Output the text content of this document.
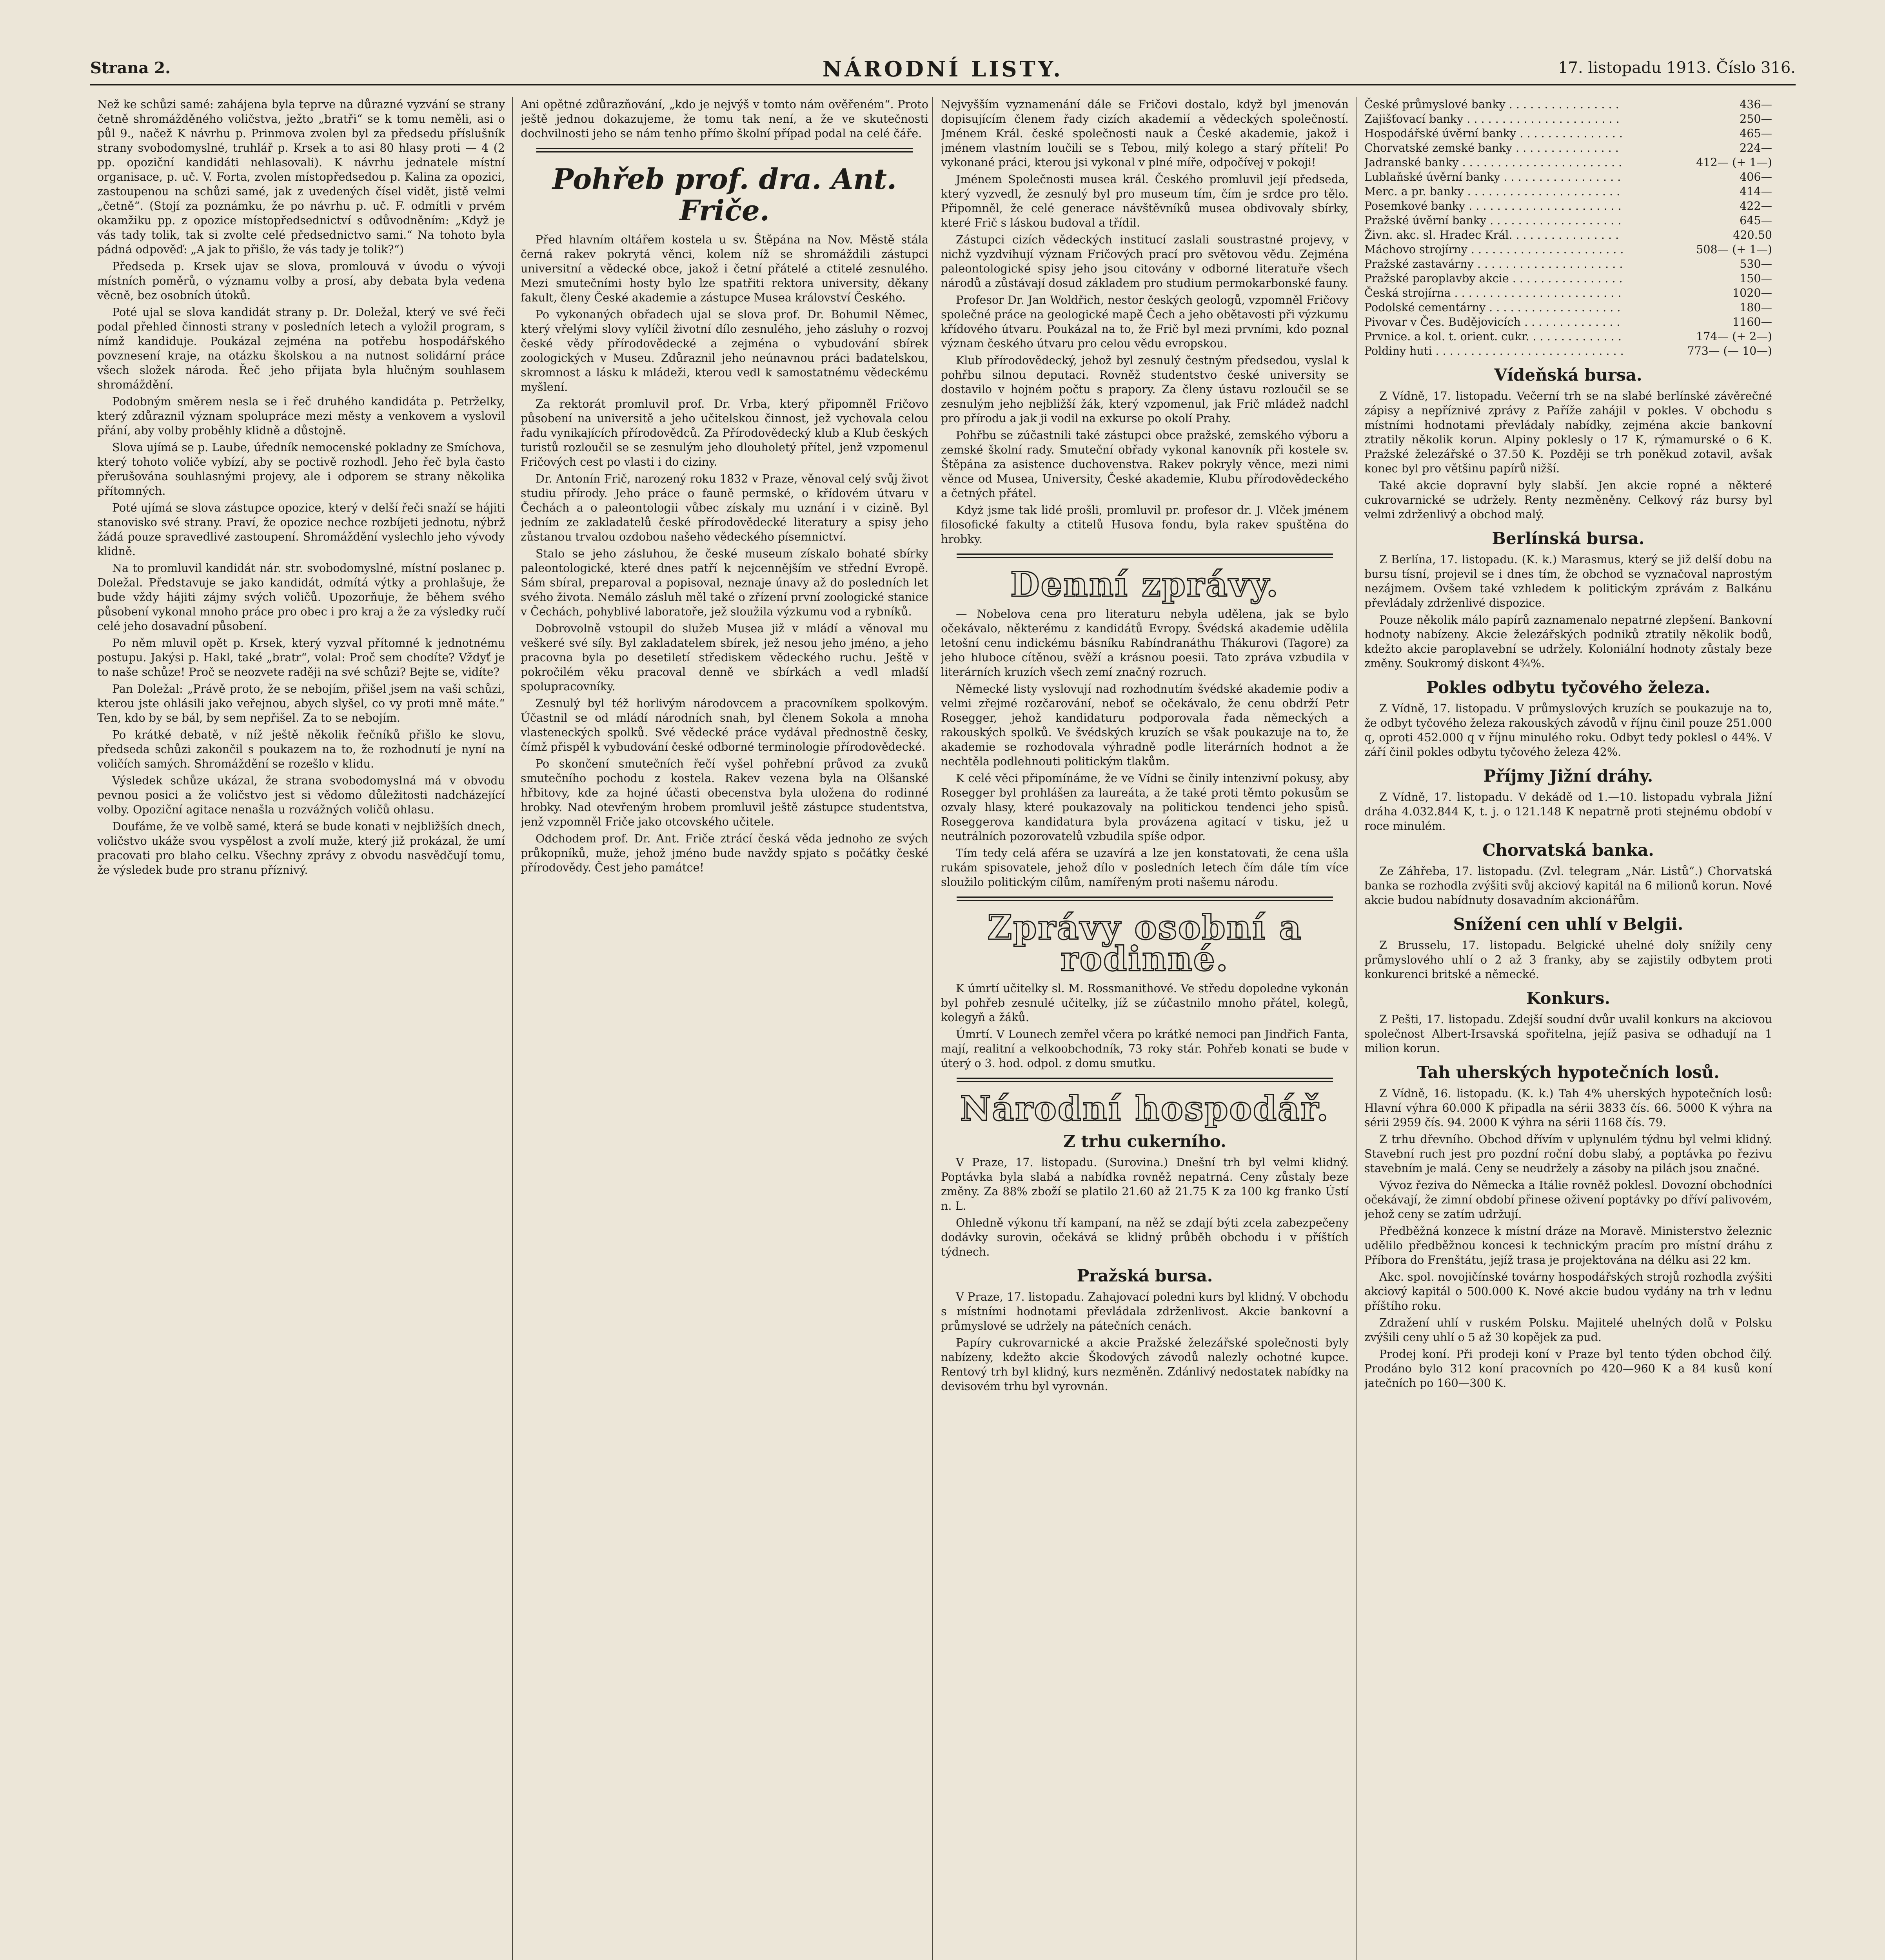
Strana 2.	NÁRODNÍ LISTY.	17. listopadu 1913. Číslo 316.

Než ke schůzi samé: zahájena byla teprve na důrazné vyzvání se strany četně shromážděného voličstva, ježto „bratři“ se k tomu neměli, asi o půl 9., načež K návrhu p. Prinmova zvolen byl za předsedu příslušník strany svobodomyslné, truhlář p. Krsek a to asi 80 hlasy proti — 4 (2 pp. opoziční kandidáti nehlasovali). K návrhu jednatele místní organisace, p. uč. V. Forta, zvolen místopředsedou p. Kalina za opozici, zastoupenou na schůzi samé, jak z uvedených čísel vidět, jistě velmi „četně“. (Stojí za poznámku, že po návrhu p. uč. F. odmítli v prvém okamžiku pp. z opozice místopředsednictví s odůvodněním: „Když je vás tady tolik, tak si zvolte celé předsednictvo sami.“ Na tohoto byla pádná odpověď: „A jak to přišlo, že vás tady je tolik?“)

Předseda p. Krsek ujav se slova, promlouvá v úvodu o vývoji místních poměrů, o významu volby a prosí, aby debata byla vedena věcně, bez osobních útoků.

Poté ujal se slova kandidát strany p. Dr. Doležal, který ve své řeči podal přehled činnosti strany v posledních letech a vyložil program, s nímž kandiduje. Poukázal zejména na potřebu hospodářského povznesení kraje, na otázku školskou a na nutnost solidární práce všech složek národa. Řeč jeho přijata byla hlučným souhlasem shromáždění.

Podobným směrem nesla se i řeč druhého kandidáta p. Petrželky, který zdůraznil význam spolupráce mezi městy a venkovem a vyslovil přání, aby volby proběhly klidně a důstojně.

Slova ujímá se p. Laube, úředník nemocenské pokladny ze Smíchova, který tohoto voliče vybízí, aby se poctivě rozhodl. Jeho řeč byla často přerušována souhlasnými projevy, ale i odporem se strany několika přítomných.

Poté ujímá se slova zástupce opozice, který v delší řeči snaží se hájiti stanovisko své strany. Praví, že opozice nechce rozbíjeti jednotu, nýbrž žádá pouze spravedlivé zastoupení. Shromáždění vyslechlo jeho vývody klidně.

Na to promluvil kandidát nár. str. svobodomyslné, místní poslanec p. Doležal. Představuje se jako kandidát, odmítá výtky a prohlašuje, že bude vždy hájiti zájmy svých voličů. Upozorňuje, že během svého působení vykonal mnoho práce pro obec i pro kraj a že za výsledky ručí celé jeho dosavadní působení.

Po něm mluvil opět p. Krsek, který vyzval přítomné k jednotnému postupu. Jakýsi p. Hakl, také „bratr“, volal: Proč sem chodíte? Vždyť je to naše schůze! Proč se neozvete raději na své schůzi? Bejte se, vidíte?

Pan Doležal: „Právě proto, že se nebojím, přišel jsem na vaši schůzi, kterou jste ohlásili jako veřejnou, abych slyšel, co vy proti mně máte.“ Ten, kdo by se bál, by sem nepřišel. Za to se nebojím.

Po krátké debatě, v níž ještě několik řečníků přišlo ke slovu, předseda schůzi zakončil s poukazem na to, že rozhodnutí je nyní na voličích samých. Shromáždění se rozešlo v klidu.

Výsledek schůze ukázal, že strana svobodomyslná má v obvodu pevnou posici a že voličstvo jest si vědomo důležitosti nadcházející volby. Opoziční agitace nenašla u rozvážných voličů ohlasu.

Doufáme, že ve volbě samé, která se bude konati v nejbližších dnech, voličstvo ukáže svou vyspělost a zvolí muže, který již prokázal, že umí pracovati pro blaho celku. Všechny zprávy z obvodu nasvědčují tomu, že výsledek bude pro stranu příznivý.

Ani opětné zdůrazňování, „kdo je nejvýš v tomto nám ověřeném“. Proto ještě jednou dokazujeme, že tomu tak není, a že ve skutečnosti dochvilnosti jeho se nám tenho přímo školní případ podal na celé čáře.

Pohřeb prof. dra. Ant. Friče.

Před hlavním oltářem kostela u sv. Štěpána na Nov. Městě stála černá rakev pokrytá věnci, kolem níž se shromáždili zástupci universitní a vědecké obce, jakož i četní přátelé a ctitelé zesnulého. Mezi smutečními hosty bylo lze spatřiti rektora university, děkany fakult, členy České akademie a zástupce Musea království Českého.

Po vykonaných obřadech ujal se slova prof. Dr. Bohumil Němec, který vřelými slovy vylíčil životní dílo zesnulého, jeho zásluhy o rozvoj české vědy přírodovědecké a zejména o vybudování sbírek zoologických v Museu. Zdůraznil jeho neúnavnou práci badatelskou, skromnost a lásku k mládeži, kterou vedl k samostatnému vědeckému myšlení.

Za rektorát promluvil prof. Dr. Vrba, který připomněl Fričovo působení na universitě a jeho učitelskou činnost, jež vychovala celou řadu vynikajících přírodovědců. Za Přírodovědecký klub a Klub českých turistů rozloučil se se zesnulým jeho dlouholetý přítel, jenž vzpomenul Fričových cest po vlasti i do ciziny.

Dr. Antonín Frič, narozený roku 1832 v Praze, věnoval celý svůj život studiu přírody. Jeho práce o fauně permské, o křídovém útvaru v Čechách a o paleontologii vůbec získaly mu uznání i v cizině. Byl jedním ze zakladatelů české přírodovědecké literatury a spisy jeho zůstanou trvalou ozdobou našeho vědeckého písemnictví.

Stalo se jeho zásluhou, že české museum získalo bohaté sbírky paleontologické, které dnes patří k nejcennějším ve střední Evropě. Sám sbíral, preparoval a popisoval, neznaje únavy až do posledních let svého života. Nemálo zásluh měl také o zřízení první zoologické stanice v Čechách, pohyblivé laboratoře, jež sloužila výzkumu vod a rybníků.

Dobrovolně vstoupil do služeb Musea již v mládí a věnoval mu veškeré své síly. Byl zakladatelem sbírek, jež nesou jeho jméno, a jeho pracovna byla po desetiletí střediskem vědeckého ruchu. Ještě v pokročilém věku pracoval denně ve sbírkách a vedl mladší spolupracovníky.

Zesnulý byl též horlivým národovcem a pracovníkem spolkovým. Účastnil se od mládí národních snah, byl členem Sokola a mnoha vlasteneckých spolků. Své vědecké práce vydával přednostně česky, čímž přispěl k vybudování české odborné terminologie přírodovědecké.

Po skončení smutečních řečí vyšel pohřební průvod za zvuků smutečního pochodu z kostela. Rakev vezena byla na Olšanské hřbitovy, kde za hojné účasti obecenstva byla uložena do rodinné hrobky. Nad otevřeným hrobem promluvil ještě zástupce studentstva, jenž vzpomněl Friče jako otcovského učitele.

Odchodem prof. Dr. Ant. Friče ztrácí česká věda jednoho ze svých průkopníků, muže, jehož jméno bude navždy spjato s počátky české přírodovědy. Čest jeho památce!

Nejvyšším vyznamenání dále se Fričovi dostalo, když byl jmenován dopisujícím členem řady cizích akademií a vědeckých společností. Jménem Král. české společnosti nauk a České akademie, jakož i jménem vlastním loučili se s Tebou, milý kolego a starý příteli! Po vykonané práci, kterou jsi vykonal v plné míře, odpočívej v pokoji!

Jménem Společnosti musea král. Českého promluvil její předseda, který vyzvedl, že zesnulý byl pro museum tím, čím je srdce pro tělo. Připomněl, že celé generace návštěvníků musea obdivovaly sbírky, které Frič s láskou budoval a třídil.

Zástupci cizích vědeckých institucí zaslali soustrastné projevy, v nichž vyzdvihují význam Fričových prací pro světovou vědu. Zejména paleontologické spisy jeho jsou citovány v odborné literatuře všech národů a zůstávají dosud základem pro studium permokarbonské fauny.

Profesor Dr. Jan Woldřich, nestor českých geologů, vzpomněl Fričovy společné práce na geologické mapě Čech a jeho obětavosti při výzkumu křídového útvaru. Poukázal na to, že Frič byl mezi prvními, kdo poznal význam českého útvaru pro celou vědu evropskou.

Klub přírodovědecký, jehož byl zesnulý čestným předsedou, vyslal k pohřbu silnou deputaci. Rovněž studentstvo české university se dostavilo v hojném počtu s prapory. Za členy ústavu rozloučil se se zesnulým jeho nejbližší žák, který vzpomenul, jak Frič mládež nadchl pro přírodu a jak ji vodil na exkurse po okolí Prahy.

Pohřbu se zúčastnili také zástupci obce pražské, zemského výboru a zemské školní rady. Smuteční obřady vykonal kanovník při kostele sv. Štěpána za asistence duchovenstva. Rakev pokryly věnce, mezi nimi věnce od Musea, University, České akademie, Klubu přírodovědeckého a četných přátel.

Kdyż jsme tak lidé prošli, promluvil pr. profesor dr. J. Vlček jménem filosofické fakulty a ctitelů Husova fondu, byla rakev spuštěna do hrobky.

Denní zprávy.

— Nobelova cena pro literaturu nebyla udělena, jak se bylo očekávalo, některému z kandidátů Evropy. Švédská akademie udělila letošní cenu indickému básníku Rabíndranáthu Thákurovi (Tagore) za jeho hluboce cítěnou, svěží a krásnou poesii. Tato zpráva vzbudila v literárních kruzích všech zemí značný rozruch.

Německé listy vyslovují nad rozhodnutím švédské akademie podiv a velmi zřejmé rozčarování, neboť se očekávalo, že cenu obdrží Petr Rosegger, jehož kandidaturu podporovala řada německých a rakouských spolků. Ve švédských kruzích se však poukazuje na to, že akademie se rozhodovala výhradně podle literárních hodnot a že nechtěla podlehnouti politickým tlakům.

K celé věci připomínáme, že ve Vídni se činily intenzivní pokusy, aby Rosegger byl prohlášen za laureáta, a že také proti těmto pokusům se ozvaly hlasy, které poukazovaly na politickou tendenci jeho spisů. Roseggerova kandidatura byla provázena agitací v tisku, jež u neutrálních pozorovatelů vzbudila spíše odpor.

Tím tedy celá aféra se uzavírá a lze jen konstatovati, že cena ušla rukám spisovatele, jehož dílo v posledních letech čím dále tím více sloužilo politickým cílům, namířeným proti našemu národu.

Zprávy osobní a rodinné.

K úmrtí učitelky sl. M. Rossmanithové. Ve středu dopoledne vykonán byl pohřeb zesnulé učitelky, jíž se zúčastnilo mnoho přátel, kolegů, kolegyň a žáků.

Úmrtí. V Lounech zemřel včera po krátké nemoci pan Jindřich Fanta, mají, realitní a velkoobchodník, 73 roky stár. Pohřeb konati se bude v úterý o 3. hod. odpol. z domu smutku.

Národní hospodář.
Z trhu cukerního.

V Praze, 17. listopadu. (Surovina.) Dnešní trh byl velmi klidný. Poptávka byla slabá a nabídka rovněž nepatrná. Ceny zůstaly beze změny. Za 88% zboží se platilo 21.60 až 21.75 K za 100 kg franko Ústí n. L.

Ohledně výkonu tří kampaní, na něž se zdají býti zcela zabezpečeny dodávky surovin, očekává se klidný průběh obchodu i v příštích týdnech.

Pražská bursa.

V Praze, 17. listopadu. Zahajovací poledni kurs byl klidný. V obchodu s místními hodnotami převládala zdrženlivost. Akcie bankovní a průmyslové se udržely na pátečních cenách.

Papíry cukrovarnické a akcie Pražské železářské společnosti byly nabízeny, kdežto akcie Škodových závodů nalezly ochotné kupce. Rentový trh byl klidný, kurs nezměněn. Zdánlivý nedostatek nabídky na devisovém trhu byl vyrovnán.

České průmyslové banky . . .	436—
Zajišťovací banky . . .	250—
Hospodářské úvěrní banky . . .	465—
Chorvatské zemské banky . . .	224—
Jadranské banky . . .	412— (+ 1—)
Lublaňské úvěrní banky . . .	406—
Merc. a pr. banky . . .	414—
Posemkové banky . . .	422—
Pražské úvěrní banky . . .	645—
Živn. akc. sl. Hradec Král. . . .	420.50
Máchovo strojírny . . .	508— (+ 1—)
Pražské zastavárny . . .	530—
Pražské paroplavby akcie . . .	150—
Česká strojírna . . .	1020—
Podolské cementárny . . .	180—
Pivovar v Čes. Budějovicích . . .	1160—
Prvnice. a kol. t. orient. cukr. . . .	174— (+ 2—)
Poldiny huti . . .	773— (— 10—)
Vídeňská bursa.

Z Vídně, 17. listopadu. Večerní trh se na slabé berlínské závěrečné zápisy a nepříznivé zprávy z Paříže zahájil v pokles. V obchodu s místními hodnotami převládaly nabídky, zejména akcie bankovní ztratily několik korun. Alpiny poklesly o 17 K, rýmamurské o 6 K. Pražské železářské o 37.50 K. Později se trh poněkud zotavil, avšak konec byl pro většinu papírů nižší.

Také akcie dopravní byly slabší. Jen akcie ropné a některé cukrovarnické se udržely. Renty nezměněny. Celkový ráz bursy byl velmi zdrženlivý a obchod malý.

Berlínská bursa.

Z Berlína, 17. listopadu. (K. k.) Marasmus, který se již delší dobu na bursu tísní, projevil se i dnes tím, že obchod se vyznačoval naprostým nezájmem. Ovšem také vzhledem k politickým zprávám z Balkánu převládaly zdrženlivé dispozice.

Pouze několik málo papírů zaznamenalo nepatrné zlepšení. Bankovní hodnoty nabízeny. Akcie železářských podniků ztratily několik bodů, kdežto akcie paroplavební se udržely. Koloniální hodnoty zůstaly beze změny. Soukromý diskont 4¾%.

Pokles odbytu tyčového železa.

Z Vídně, 17. listopadu. V průmyslových kruzích se poukazuje na to, že odbyt tyčového železa rakouských závodů v říjnu činil pouze 251.000 q, oproti 452.000 q v říjnu minulého roku. Odbyt tedy poklesl o 44%. V září činil pokles odbytu tyčového železa 42%.

Příjmy Jižní dráhy.

Z Vídně, 17. listopadu. V dekádě od 1.—10. listopadu vybrala Jižní dráha 4.032.844 K, t. j. o 121.148 K nepatrně proti stejnému období v roce minulém.

Chorvatská banka.

Ze Záhřeba, 17. listopadu. (Zvl. telegram „Nár. Listů“.) Chorvatská banka se rozhodla zvýšiti svůj akciový kapitál na 6 milionů korun. Nové akcie budou nabídnuty dosavadním akcionářům.

Snížení cen uhlí v Belgii.

Z Brusselu, 17. listopadu. Belgické uhelné doly snížily ceny průmyslového uhlí o 2 až 3 franky, aby se zajistily odbytem proti konkurenci britské a německé.

Konkurs.

Z Pešti, 17. listopadu. Zdejší soudní dvůr uvalil konkurs na akciovou společnost Albert-Irsavská spořitelna, jejíž pasiva se odhadují na 1 milion korun.

Tah uherských hypotečních losů.

Z Vídně, 16. listopadu. (K. k.) Tah 4% uherských hypotečních losů: Hlavní výhra 60.000 K připadla na sérii 3833 čís. 66. 5000 K výhra na sérii 2959 čís. 94. 2000 K výhra na sérii 1168 čís. 79.

Z trhu dřevního. Obchod dřívím v uplynulém týdnu byl velmi klidný. Stavební ruch jest pro pozdní roční dobu slabý, a poptávka po řezivu stavebním je malá. Ceny se neudržely a zásoby na pilách jsou značné.

Vývoz řeziva do Německa a Itálie rovněž poklesl. Dovozní obchodníci očekávají, že zimní období přinese oživení poptávky po dříví palivovém, jehož ceny se zatím udržují.

Předběžná konzece k místní dráze na Moravě. Ministerstvo železnic udělilo předběžnou koncesi k technickým pracím pro místní dráhu z Příbora do Frenštátu, jejíž trasa je projektována na délku asi 22 km.

Akc. spol. novojičínské továrny hospodářských strojů rozhodla zvýšiti akciový kapitál o 500.000 K. Nové akcie budou vydány na trh v lednu příštího roku.

Zdražení uhlí v ruském Polsku. Majitelé uhelných dolů v Polsku zvýšili ceny uhlí o 5 až 30 kopějek za pud.

Prodej koní. Při prodeji koní v Praze byl tento týden obchod čilý. Prodáno bylo 312 koní pracovních po 420—960 K a 84 kusů koní jatečních po 160—300 K.
